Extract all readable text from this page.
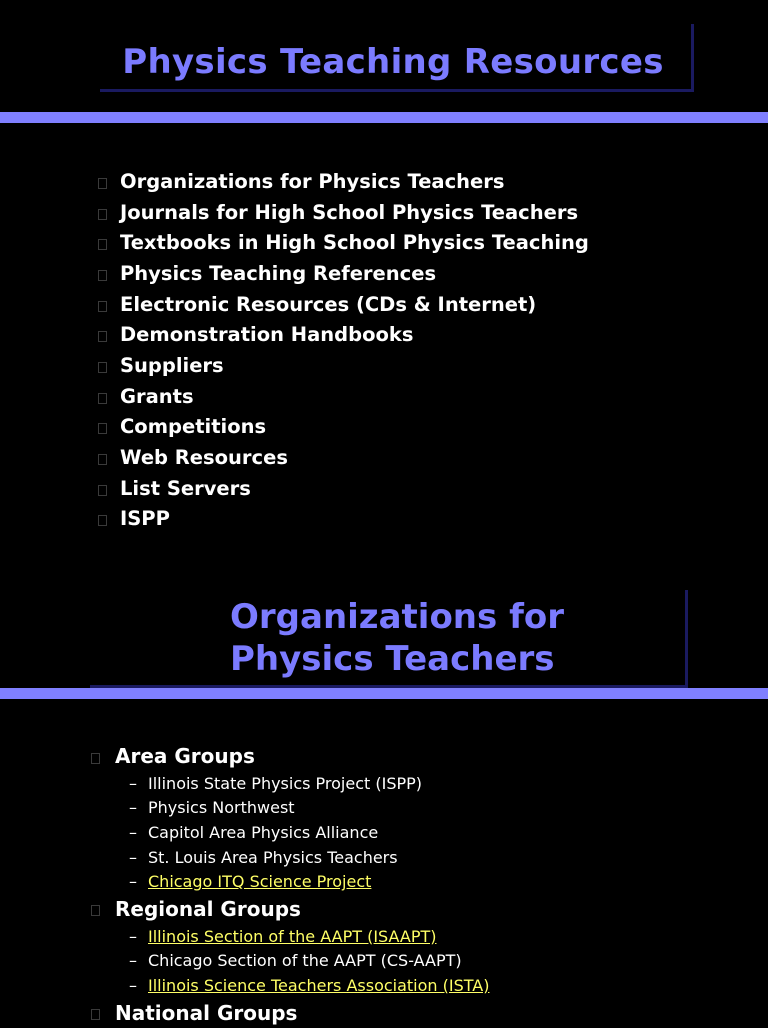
Physics Teaching Resources
Organizations for Physics Teachers
Journals for High School Physics Teachers
Textbooks in High School Physics Teaching
Physics Teaching References
Electronic Resources (CDs & Internet)
Demonstration Handbooks
Suppliers
Grants
Competitions
Web Resources
List Servers
ISPP
Organizations for
Physics Teachers
Area Groups
– Illinois State Physics Project (ISPP)
– Physics Northwest
– Capitol Area Physics Alliance
– St. Louis Area Physics Teachers
– Chicago ITQ Science Project
Regional Groups
– Illinois Section of the AAPT (ISAAPT)
– Chicago Section of the AAPT (CS-AAPT)
– Illinois Science Teachers Association (ISTA)
National Groups
